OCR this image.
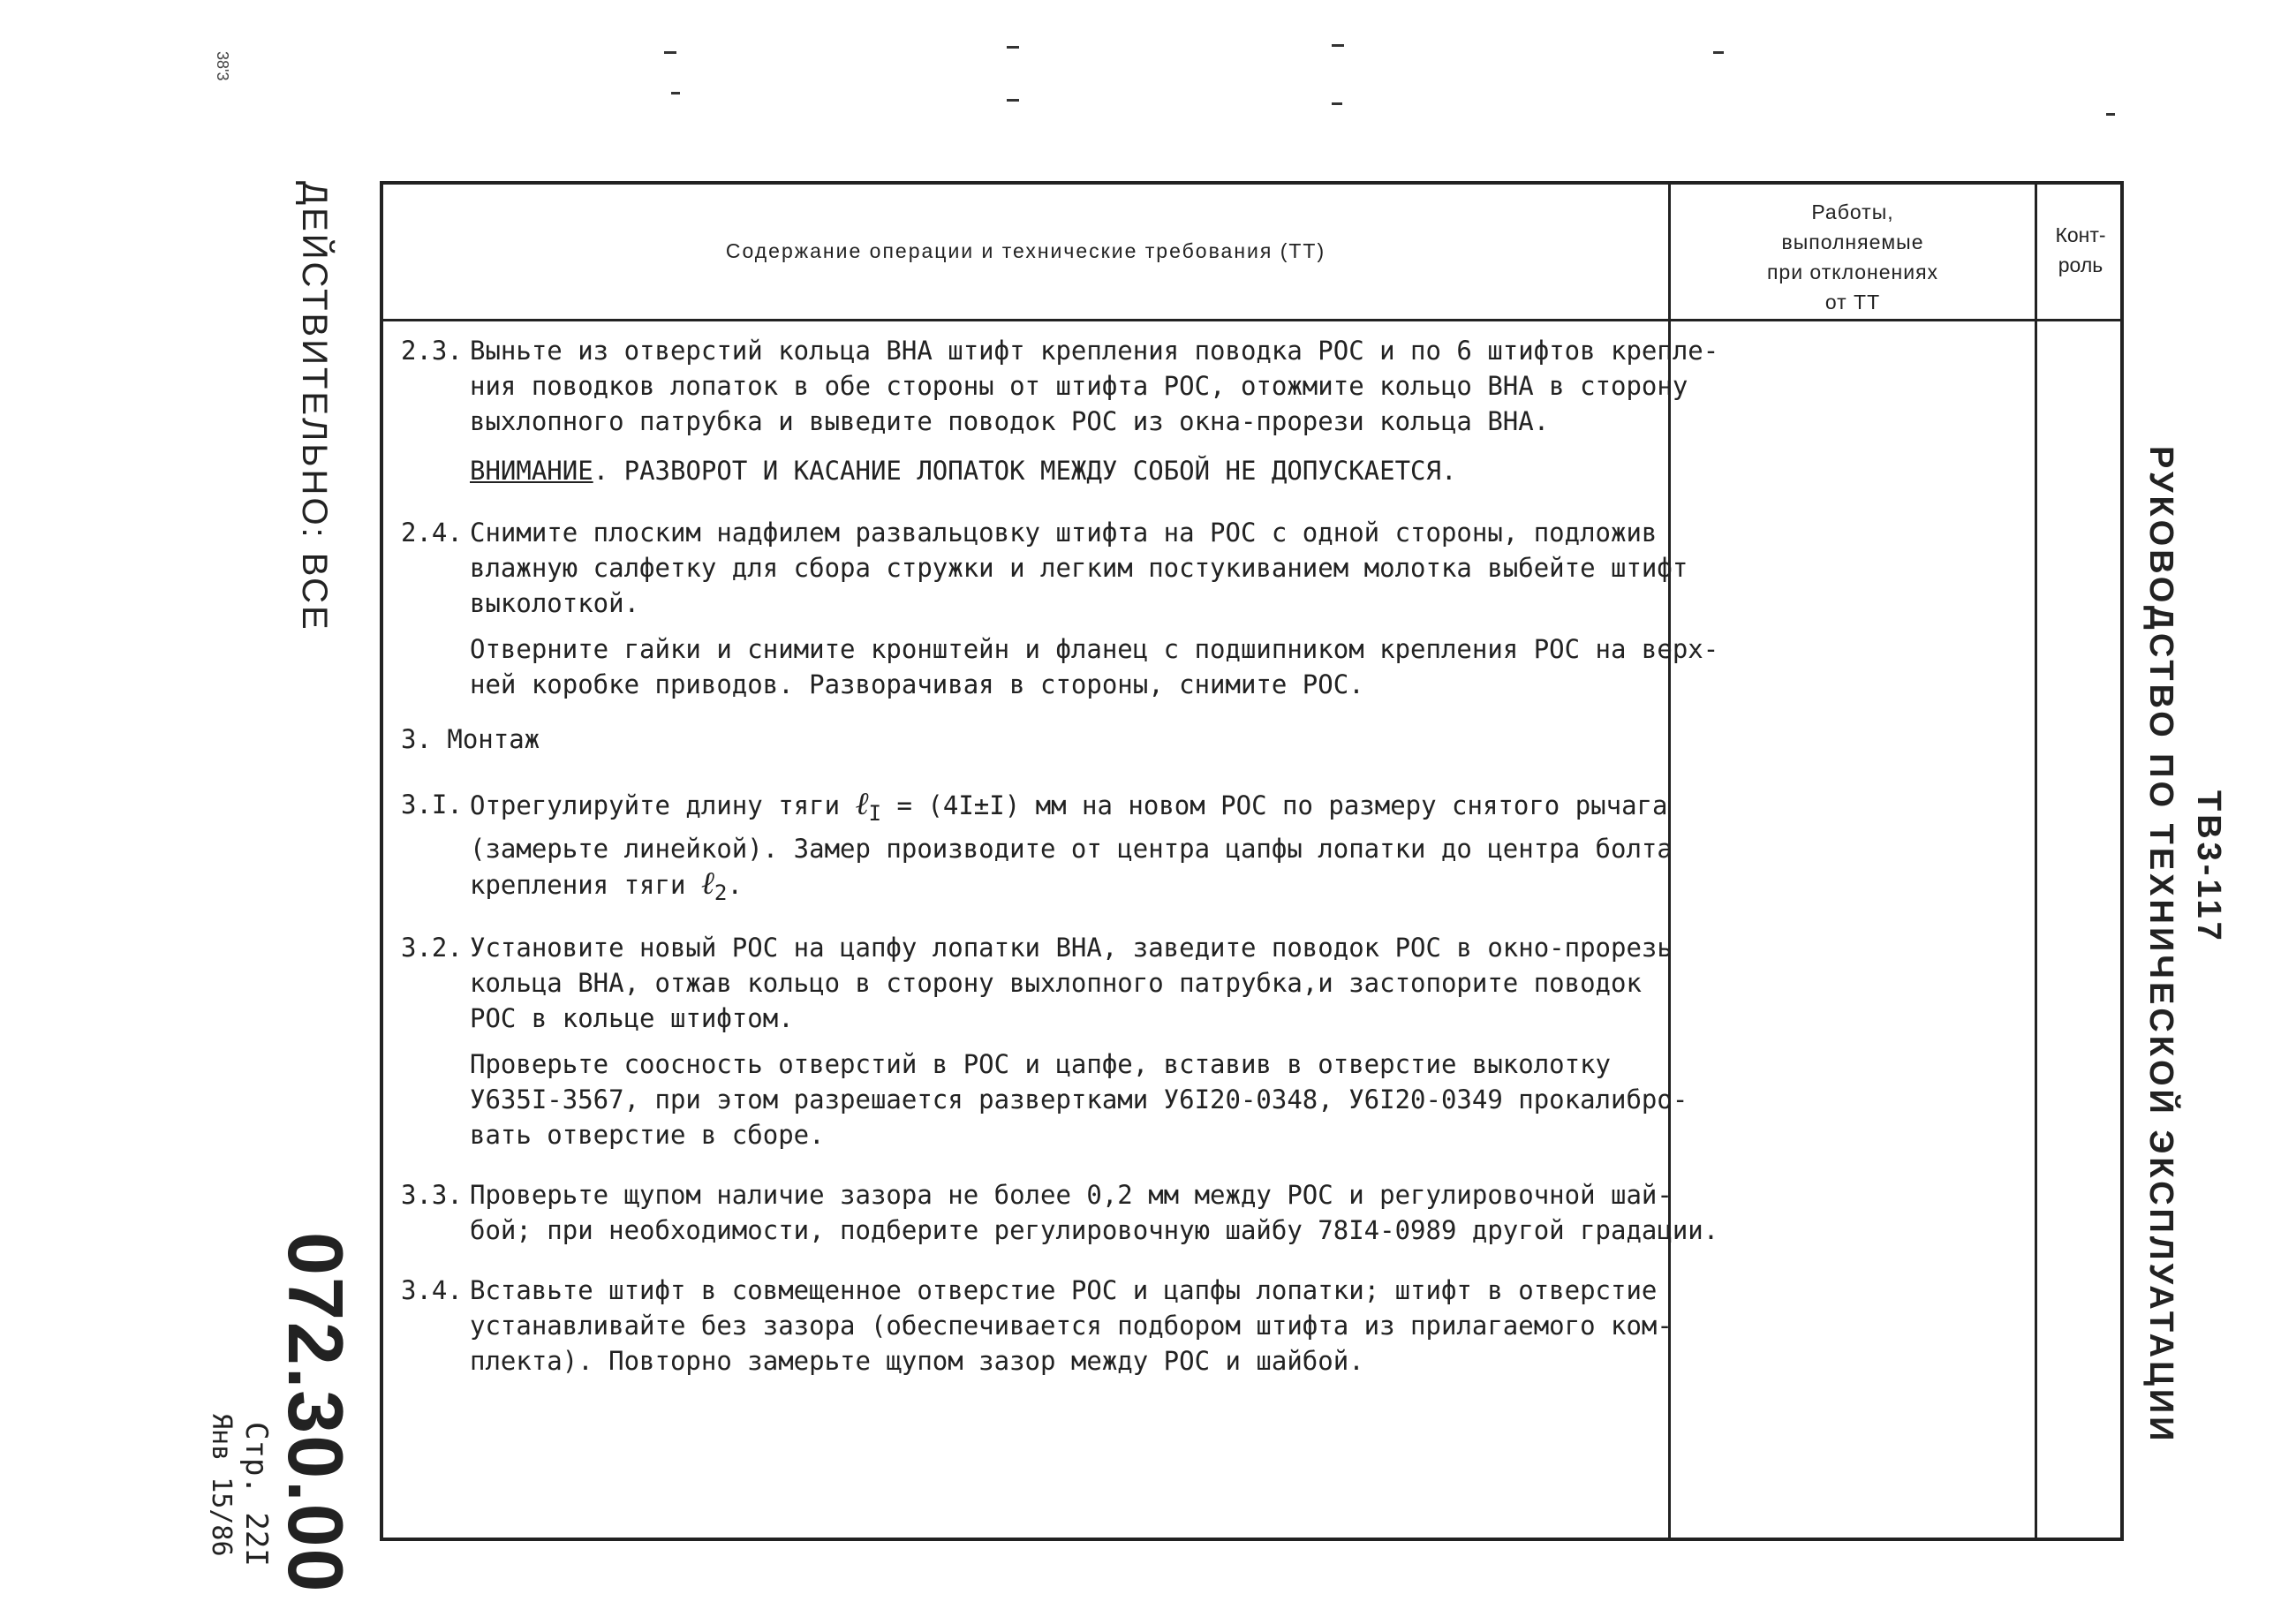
38'3
ДЕЙСТВИТЕЛЬНО: ВСЕ
072.30.00
Стр. 22I
Янв 15/86
ТВ3-117
РУКОВОДСТВО ПО ТЕХНИЧЕСКОЙ ЭКСПЛУАТАЦИИ
Содержание операции и технические требования (ТТ)
Работы,
выполняемые
при отклонениях
от ТТ
Конт-
роль
2.3. Выньте из отверстий кольца ВНА штифт крепления поводка РОС и по 6 штифтов крепле-
ния поводков лопаток в обе стороны от штифта РОС, отожмите кольцо ВНА в сторону
выхлопного патрубка и выведите поводок РОС из окна-прорези кольца ВНА.
ВНИМАНИЕ. РАЗВОРОТ И КАСАНИЕ ЛОПАТОК МЕЖДУ СОБОЙ НЕ ДОПУСКАЕТСЯ.
2.4. Снимите плоским надфилем развальцовку штифта на РОС с одной стороны, подложив
влажную салфетку для сбора стружки и легким постукиванием молотка выбейте штифт
выколоткой.
Отверните гайки и снимите кронштейн и фланец с подшипником крепления РОС на верх-
ней коробке приводов. Разворачивая в стороны, снимите РОС.
3. Монтаж
3.I. Отрегулируйте длину тяги ℓ$_I$ = (4I±I) мм на новом РОС по размеру снятого рычага
(замерьте линейкой). Замер производите от центра цапфы лопатки до центра болта
крепления тяги ℓ$_2$.
3.2. Установите новый РОС на цапфу лопатки ВНА, заведите поводок РОС в окно-прорезь
кольца ВНА, отжав кольцо в сторону выхлопного патрубка,и застопорите поводок
РОС в кольце штифтом.
Проверьте соосность отверстий в РОС и цапфе, вставив в отверстие выколотку
У635I-3567, при этом разрешается развертками У6I20-0348, У6I20-0349 прокалибро-
вать отверстие в сборе.
3.3. Проверьте щупом наличие зазора не более 0,2 мм между РОС и регулировочной шай-
бой; при необходимости, подберите регулировочную шайбу 78I4-0989 другой градации.
3.4. Вставьте штифт в совмещенное отверстие РОС и цапфы лопатки; штифт в отверстие
устанавливайте без зазора (обеспечивается подбором штифта из прилагаемого ком-
плекта). Повторно замерьте щупом зазор между РОС и шайбой.
